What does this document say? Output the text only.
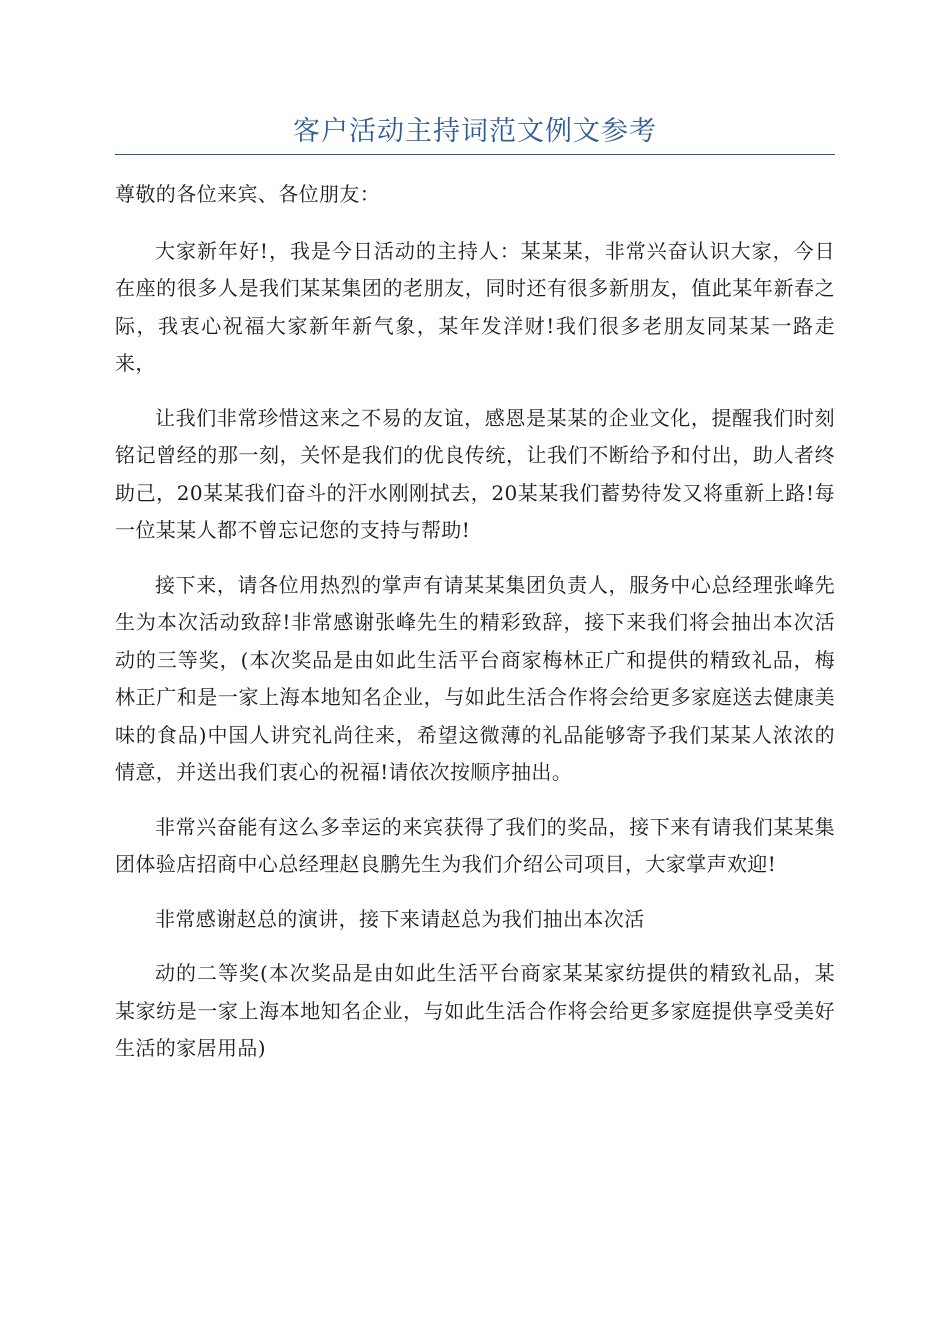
客户活动主持词范文例文参考

尊敬的各位来宾、各位朋友：

大家新年好!，我是今日活动的主持人：某某某，非常兴奋认识大家，今日在座的很多人是我们某某集团的老朋友，同时还有很多新朋友，值此某年新春之际，我衷心祝福大家新年新气象，某年发洋财!我们很多老朋友同某某一路走来，

让我们非常珍惜这来之不易的友谊，感恩是某某的企业文化，提醒我们时刻铭记曾经的那一刻，关怀是我们的优良传统，让我们不断给予和付出，助人者终助己，20某某我们奋斗的汗水刚刚拭去，20某某我们蓄势待发又将重新上路!每一位某某人都不曾忘记您的支持与帮助!

接下来，请各位用热烈的掌声有请某某集团负责人，服务中心总经理张峰先生为本次活动致辞!非常感谢张峰先生的精彩致辞，接下来我们将会抽出本次活动的三等奖，(本次奖品是由如此生活平台商家梅林正广和提供的精致礼品，梅林正广和是一家上海本地知名企业，与如此生活合作将会给更多家庭送去健康美味的食品)中国人讲究礼尚往来，希望这微薄的礼品能够寄予我们某某人浓浓的情意，并送出我们衷心的祝福!请依次按顺序抽出。

非常兴奋能有这么多幸运的来宾获得了我们的奖品，接下来有请我们某某集团体验店招商中心总经理赵良鹏先生为我们介绍公司项目，大家掌声欢迎!

非常感谢赵总的演讲，接下来请赵总为我们抽出本次活

动的二等奖(本次奖品是由如此生活平台商家某某家纺提供的精致礼品，某某家纺是一家上海本地知名企业，与如此生活合作将会给更多家庭提供享受美好生活的家居用品)
